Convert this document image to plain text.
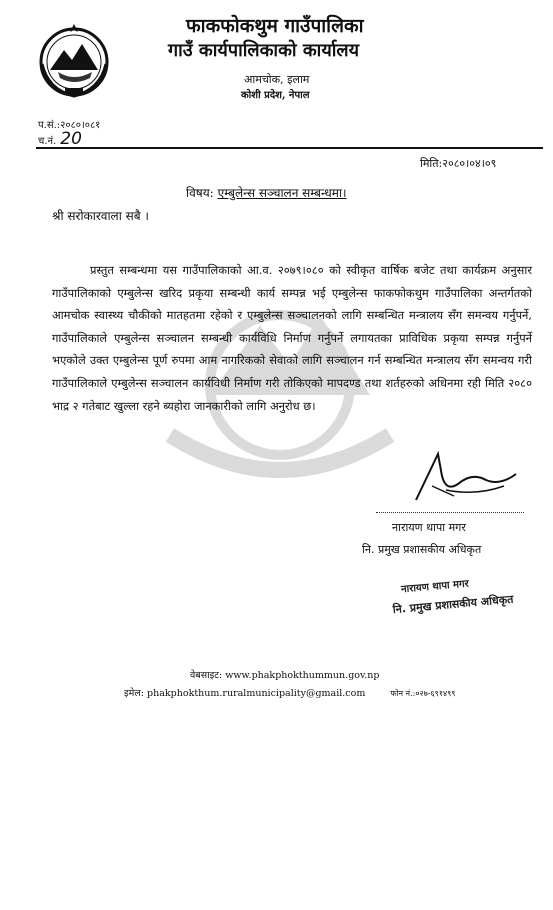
फाकफोकथुम गाउँपालिका
गाउँ कार्यपालिकाको कार्यालय
आमचोक, इलाम
कोशी प्रदेश, नेपाल
प.सं.:२०८०।०८१
च.नं. 20
मिति:२०८०।०४।०९
विषय: एम्बुलेन्स सञ्चालन सम्बन्धमा।
श्री सरोकारवाला सबै ।
प्रस्तुत सम्बन्धमा यस गाउँपालिकाको आ.व. २०७९।०८० को स्वीकृत वार्षिक बजेट तथा कार्यक्रम अनुसार गाउँपालिकाको एम्बुलेन्स खरिद प्रकृया सम्बन्धी कार्य सम्पन्न भई एम्बुलेन्स फाकफोकथुम गाउँपालिका अन्तर्गतको आमचोक स्वास्थ्य चौकीको मातहतमा रहेको र एम्बुलेन्स सञ्चालनको लागि सम्बन्धित मन्त्रालय सँग समन्वय गर्नुपर्ने, गाउँपालिकाले एम्बुलेन्स सञ्चालन सम्बन्धी कार्यविधि निर्माण गर्नुपर्ने लगायतका प्राविधिक प्रकृया सम्पन्न गर्नुपर्ने भएकोले उक्त एम्बुलेन्स पूर्ण रुपमा आम नागरिकको सेवाको लागि सञ्चालन गर्न सम्बन्धित मन्त्रालय सँग समन्वय गरी गाउँपालिकाले एम्बुलेन्स सञ्चालन कार्यविधी निर्माण गरी तोकिएको मापदण्ड तथा शर्तहरुको अधिनमा रही मिति २०८० भाद्र २ गतेबाट खुल्ला रहने ब्यहोरा जानकारीको लागि अनुरोध छ।
नारायण थापा मगर
नि. प्रमुख प्रशासकीय अधिकृत
नारायण थापा मगर
नि. प्रमुख प्रशासकीय अधिकृत
वेबसाइट: www.phakphokthummun.gov.np
इमेल: phakphokthum.ruralmunicipality@gmail.com	फोन नं.:०२७-६९१४९९
